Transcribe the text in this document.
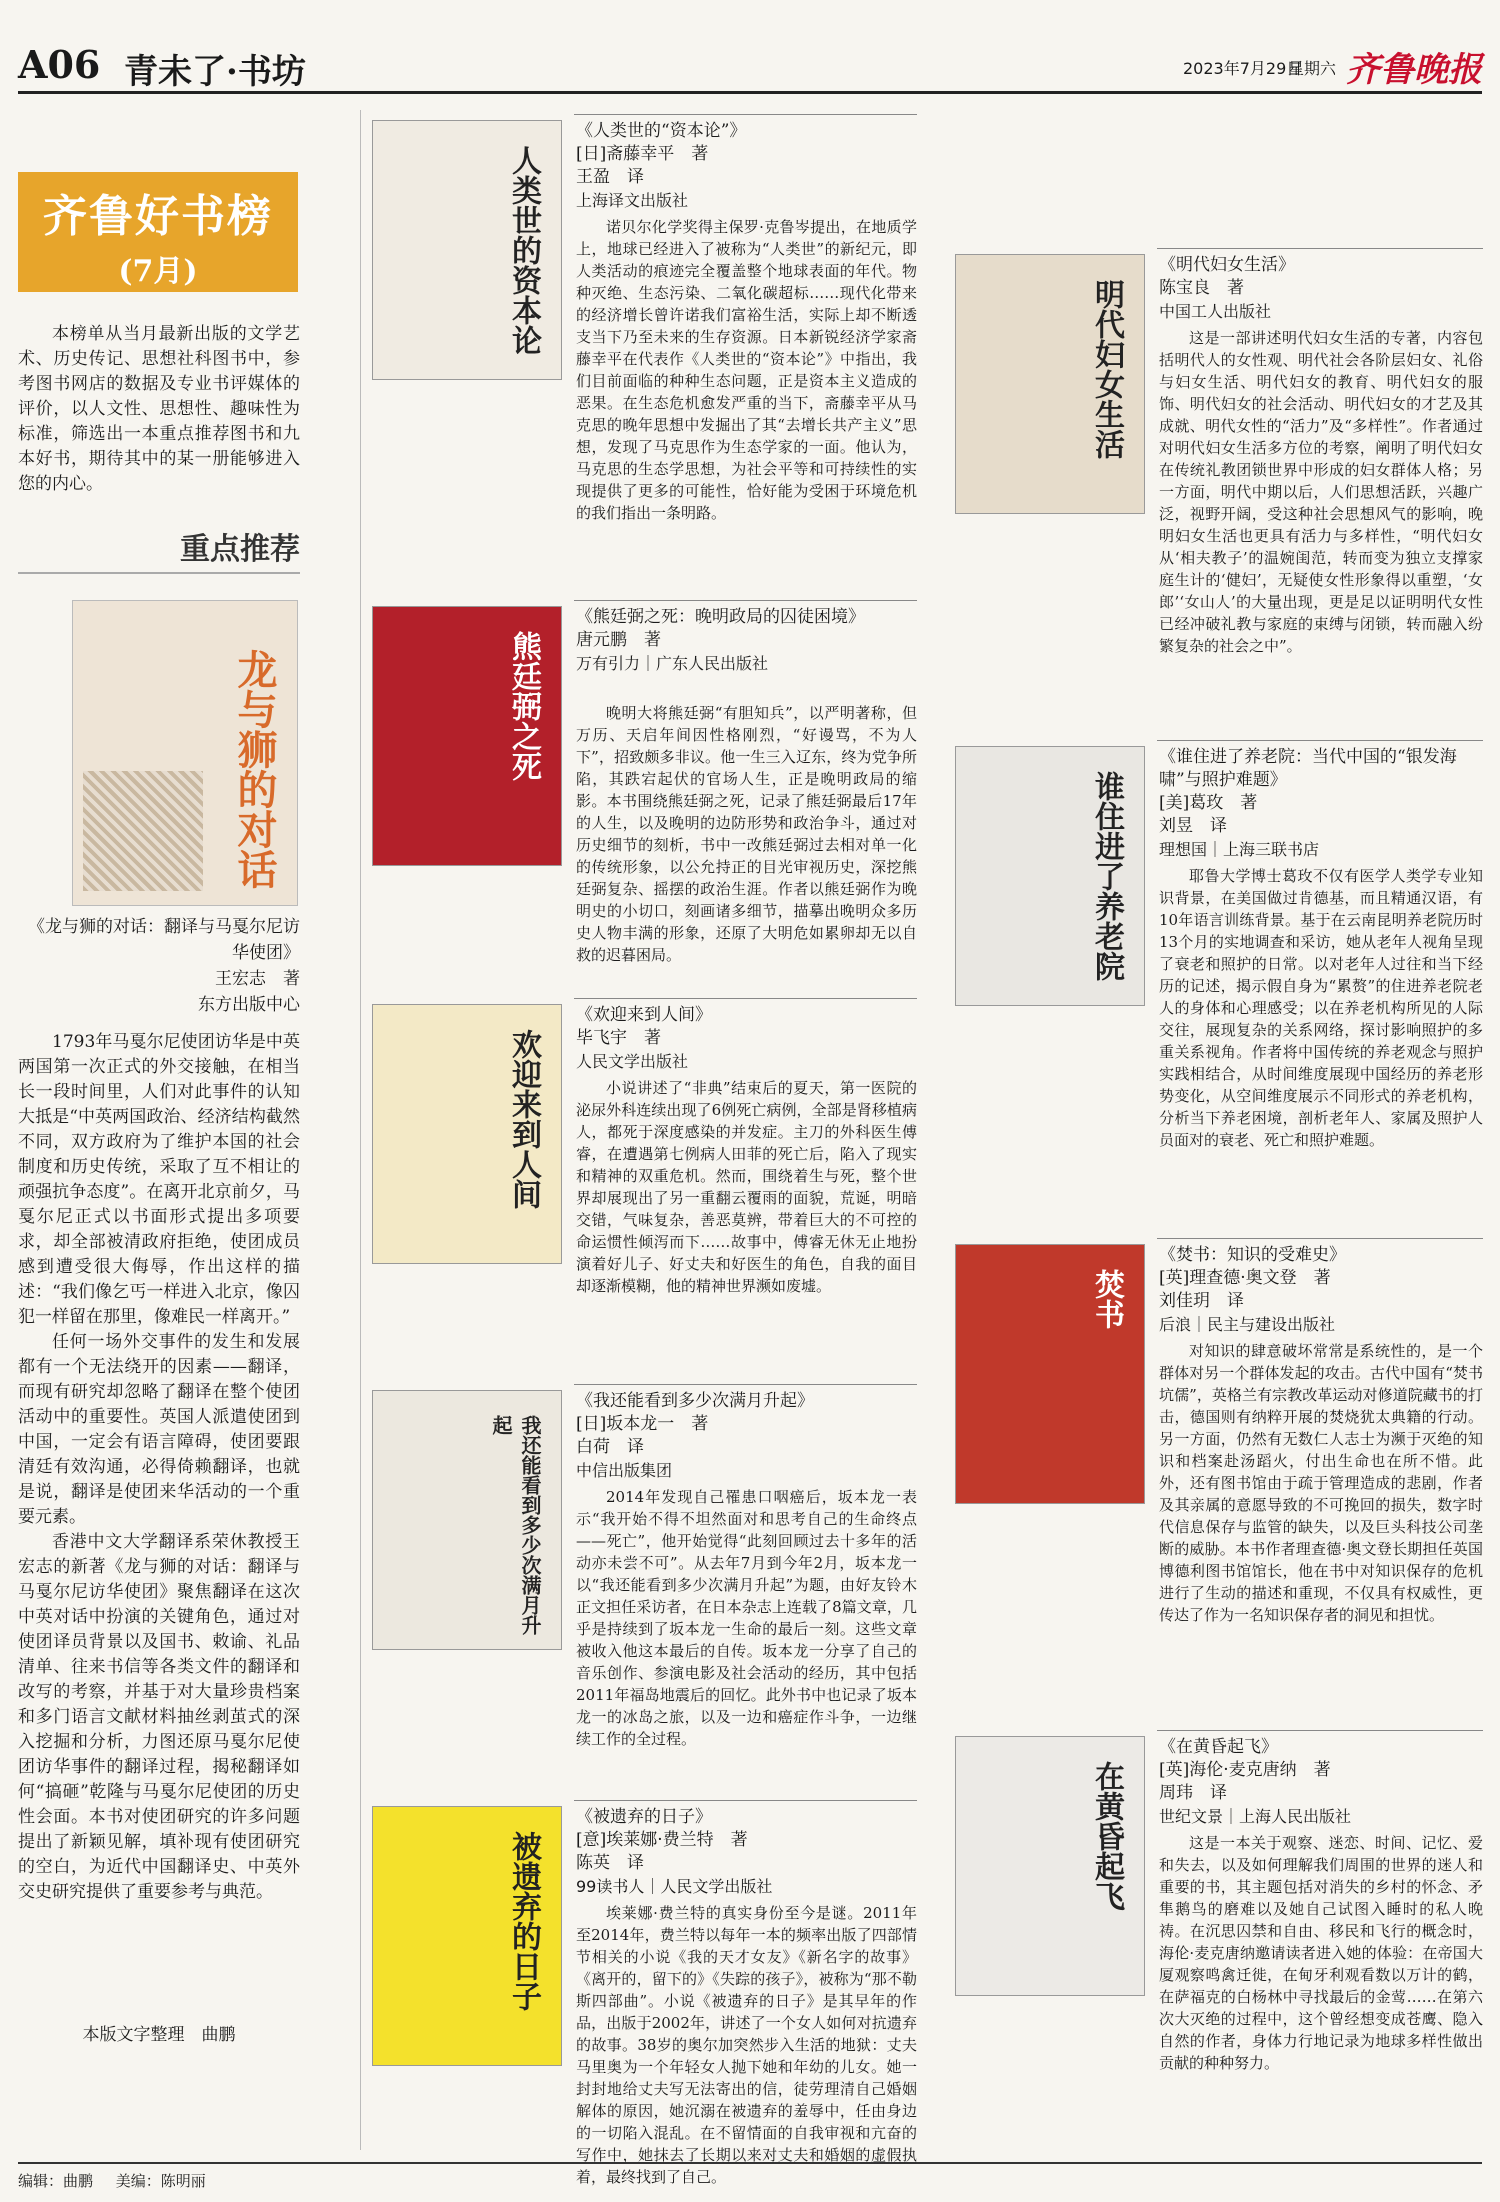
A06 青未了·书坊	2023年7月29日
星期六 齐鲁晚报
齐鲁好书榜
(7月)
本榜单从当月最新出版的文学艺术、历史传记、思想社科图书中，参考图书网店的数据及专业书评媒体的评价，以人文性、思想性、趣味性为标准，筛选出一本重点推荐图书和九本好书，期待其中的某一册能够进入您的内心。
重点推荐
龙与狮的对话
《龙与狮的对话：翻译与马戛尔尼访华使团》
王宏志　著
东方出版中心

1793年马戛尔尼使团访华是中英两国第一次正式的外交接触，在相当长一段时间里，人们对此事件的认知大抵是“中英两国政治、经济结构截然不同，双方政府为了维护本国的社会制度和历史传统，采取了互不相让的顽强抗争态度”。在离开北京前夕，马戛尔尼正式以书面形式提出多项要求，却全部被清政府拒绝，使团成员感到遭受很大侮辱，作出这样的描述：“我们像乞丐一样进入北京，像囚犯一样留在那里，像难民一样离开。”

任何一场外交事件的发生和发展都有一个无法绕开的因素——翻译，而现有研究却忽略了翻译在整个使团活动中的重要性。英国人派遣使团到中国，一定会有语言障碍，使团要跟清廷有效沟通，必得倚赖翻译，也就是说，翻译是使团来华活动的一个重要元素。

香港中文大学翻译系荣休教授王宏志的新著《龙与狮的对话：翻译与马戛尔尼访华使团》聚焦翻译在这次中英对话中扮演的关键角色，通过对使团译员背景以及国书、敕谕、礼品清单、往来书信等各类文件的翻译和改写的考察，并基于对大量珍贵档案和多门语言文献材料抽丝剥茧式的深入挖掘和分析，力图还原马戛尔尼使团访华事件的翻译过程，揭秘翻译如何“搞砸”乾隆与马戛尔尼使团的历史性会面。本书对使团研究的许多问题提出了新颖见解，填补现有使团研究的空白，为近代中国翻译史、中英外交史研究提供了重要参考与典范。

本版文字整理　曲鹏
人类世的资本论
《人类世的“资本论”》
[日]斋藤幸平　著
王盈　译
上海译文出版社
诺贝尔化学奖得主保罗·克鲁岑提出，在地质学上，地球已经进入了被称为“人类世”的新纪元，即人类活动的痕迹完全覆盖整个地球表面的年代。物种灭绝、生态污染、二氧化碳超标……现代化带来的经济增长曾许诺我们富裕生活，实际上却不断透支当下乃至未来的生存资源。日本新锐经济学家斋藤幸平在代表作《人类世的“资本论”》中指出，我们目前面临的种种生态问题，正是资本主义造成的恶果。在生态危机愈发严重的当下，斋藤幸平从马克思的晚年思想中发掘出了其“去增长共产主义”思想，发现了马克思作为生态学家的一面。他认为，马克思的生态学思想，为社会平等和可持续性的实现提供了更多的可能性，恰好能为受困于环境危机的我们指出一条明路。
熊廷弼之死
《熊廷弼之死：晚明政局的囚徒困境》
唐元鹏　著
万有引力｜广东人民出版社
晚明大将熊廷弼“有胆知兵”，以严明著称，但万历、天启年间因性格刚烈，“好谩骂，不为人下”，招致颇多非议。他一生三入辽东，终为党争所陷，其跌宕起伏的官场人生，正是晚明政局的缩影。本书围绕熊廷弼之死，记录了熊廷弼最后17年的人生，以及晚明的边防形势和政治争斗，通过对历史细节的刻析，书中一改熊廷弼过去相对单一化的传统形象，以公允持正的目光审视历史，深挖熊廷弼复杂、摇摆的政治生涯。作者以熊廷弼作为晚明史的小切口，刻画诸多细节，描摹出晚明众多历史人物丰满的形象，还原了大明危如累卵却无以自救的迟暮困局。
欢迎来到人间
《欢迎来到人间》
毕飞宇　著
人民文学出版社
小说讲述了“非典”结束后的夏天，第一医院的泌尿外科连续出现了6例死亡病例，全部是肾移植病人，都死于深度感染的并发症。主刀的外科医生傅睿，在遭遇第七例病人田菲的死亡后，陷入了现实和精神的双重危机。然而，围绕着生与死，整个世界却展现出了另一重翻云覆雨的面貌，荒诞，明暗交错，气味复杂，善恶莫辨，带着巨大的不可控的命运惯性倾泻而下……故事中，傅睿无休无止地扮演着好儿子、好丈夫和好医生的角色，自我的面目却逐渐模糊，他的精神世界濒如废墟。
我还能看到多少次满月升起
《我还能看到多少次满月升起》
[日]坂本龙一　著
白荷　译
中信出版集团
2014年发现自己罹患口咽癌后，坂本龙一表示“我开始不得不坦然面对和思考自己的生命终点——死亡”，他开始觉得“此刻回顾过去十多年的活动亦未尝不可”。从去年7月到今年2月，坂本龙一以“我还能看到多少次满月升起”为题，由好友铃木正文担任采访者，在日本杂志上连载了8篇文章，几乎是持续到了坂本龙一生命的最后一刻。这些文章被收入他这本最后的自传。坂本龙一分享了自己的音乐创作、参演电影及社会活动的经历，其中包括2011年福岛地震后的回忆。此外书中也记录了坂本龙一的冰岛之旅，以及一边和癌症作斗争，一边继续工作的全过程。
被遗弃的日子
《被遗弃的日子》
[意]埃莱娜·费兰特　著
陈英　译
99读书人｜人民文学出版社
埃莱娜·费兰特的真实身份至今是谜。2011年至2014年，费兰特以每年一本的频率出版了四部情节相关的小说《我的天才女友》《新名字的故事》《离开的，留下的》《失踪的孩子》，被称为“那不勒斯四部曲”。小说《被遗弃的日子》是其早年的作品，出版于2002年，讲述了一个女人如何对抗遗弃的故事。38岁的奥尔加突然步入生活的地狱：丈夫马里奥为一个年轻女人抛下她和年幼的儿女。她一封封地给丈夫写无法寄出的信，徒劳理清自己婚姻解体的原因，她沉溺在被遗弃的羞辱中，任由身边的一切陷入混乱。在不留情面的自我审视和亢奋的写作中，她抹去了长期以来对丈夫和婚姻的虚假执着，最终找到了自己。
明代妇女生活
《明代妇女生活》
陈宝良　著
中国工人出版社
这是一部讲述明代妇女生活的专著，内容包括明代人的女性观、明代社会各阶层妇女、礼俗与妇女生活、明代妇女的教育、明代妇女的服饰、明代妇女的社会活动、明代妇女的才艺及其成就、明代女性的“活力”及“多样性”。作者通过对明代妇女生活多方位的考察，阐明了明代妇女在传统礼教团锁世界中形成的妇女群体人格；另一方面，明代中期以后，人们思想活跃，兴趣广泛，视野开阔，受这种社会思想风气的影响，晚明妇女生活也更具有活力与多样性，“明代妇女从‘相夫教子’的温婉闺范，转而变为独立支撑家庭生计的‘健妇’，无疑使女性形象得以重塑，‘女郎’‘女山人’的大量出现，更是足以证明明代女性已经冲破礼教与家庭的束缚与闭锁，转而融入纷繁复杂的社会之中”。
谁住进了养老院
《谁住进了养老院：当代中国的“银发海啸”与照护难题》
[美]葛玫　著
刘昱　译
理想国｜上海三联书店
耶鲁大学博士葛玫不仅有医学人类学专业知识背景，在美国做过肯德基，而且精通汉语，有10年语言训练背景。基于在云南昆明养老院历时13个月的实地调查和采访，她从老年人视角呈现了衰老和照护的日常。以对老年人过往和当下经历的记述，揭示假自身为“累赘”的住进养老院老人的身体和心理感受；以在养老机构所见的人际交往，展现复杂的关系网络，探讨影响照护的多重关系视角。作者将中国传统的养老观念与照护实践相结合，从时间维度展现中国经历的养老形势变化，从空间维度展示不同形式的养老机构，分析当下养老困境，剖析老年人、家属及照护人员面对的衰老、死亡和照护难题。
焚书
《焚书：知识的受难史》
[英]理查德·奥文登　著
刘佳玥　译
后浪｜民主与建设出版社
对知识的肆意破坏常常是系统性的，是一个群体对另一个群体发起的攻击。古代中国有“焚书坑儒”，英格兰有宗教改革运动对修道院藏书的打击，德国则有纳粹开展的焚烧犹太典籍的行动。另一方面，仍然有无数仁人志士为濒于灭绝的知识和档案赴汤蹈火，付出生命也在所不惜。此外，还有图书馆由于疏于管理造成的悲剧，作者及其亲属的意愿导致的不可挽回的损失，数字时代信息保存与监管的缺失，以及巨头科技公司垄断的威胁。本书作者理查德·奥文登长期担任英国博德利图书馆馆长，他在书中对知识保存的危机进行了生动的描述和重现，不仅具有权威性，更传达了作为一名知识保存者的洞见和担忧。
在黄昏起飞
《在黄昏起飞》
[英]海伦·麦克唐纳　著
周玮　译
世纪文景｜上海人民出版社
这是一本关于观察、迷恋、时间、记忆、爱和失去，以及如何理解我们周围的世界的迷人和重要的书，其主题包括对消失的乡村的怀念、矛隼鹅鸟的磨难以及她自己试图入睡时的私人晚祷。在沉思囚禁和自由、移民和飞行的概念时，海伦·麦克唐纳邀请读者进入她的体验：在帝国大厦观察鸣禽迁徙，在甸牙利观看数以万计的鹤，在萨福克的白杨林中寻找最后的金莺……在第六次大灭绝的过程中，这个曾经想变成苍鹰、隐入自然的作者，身体力行地记录为地球多样性做出贡献的种种努力。
编辑：曲鹏 美编：陈明丽
